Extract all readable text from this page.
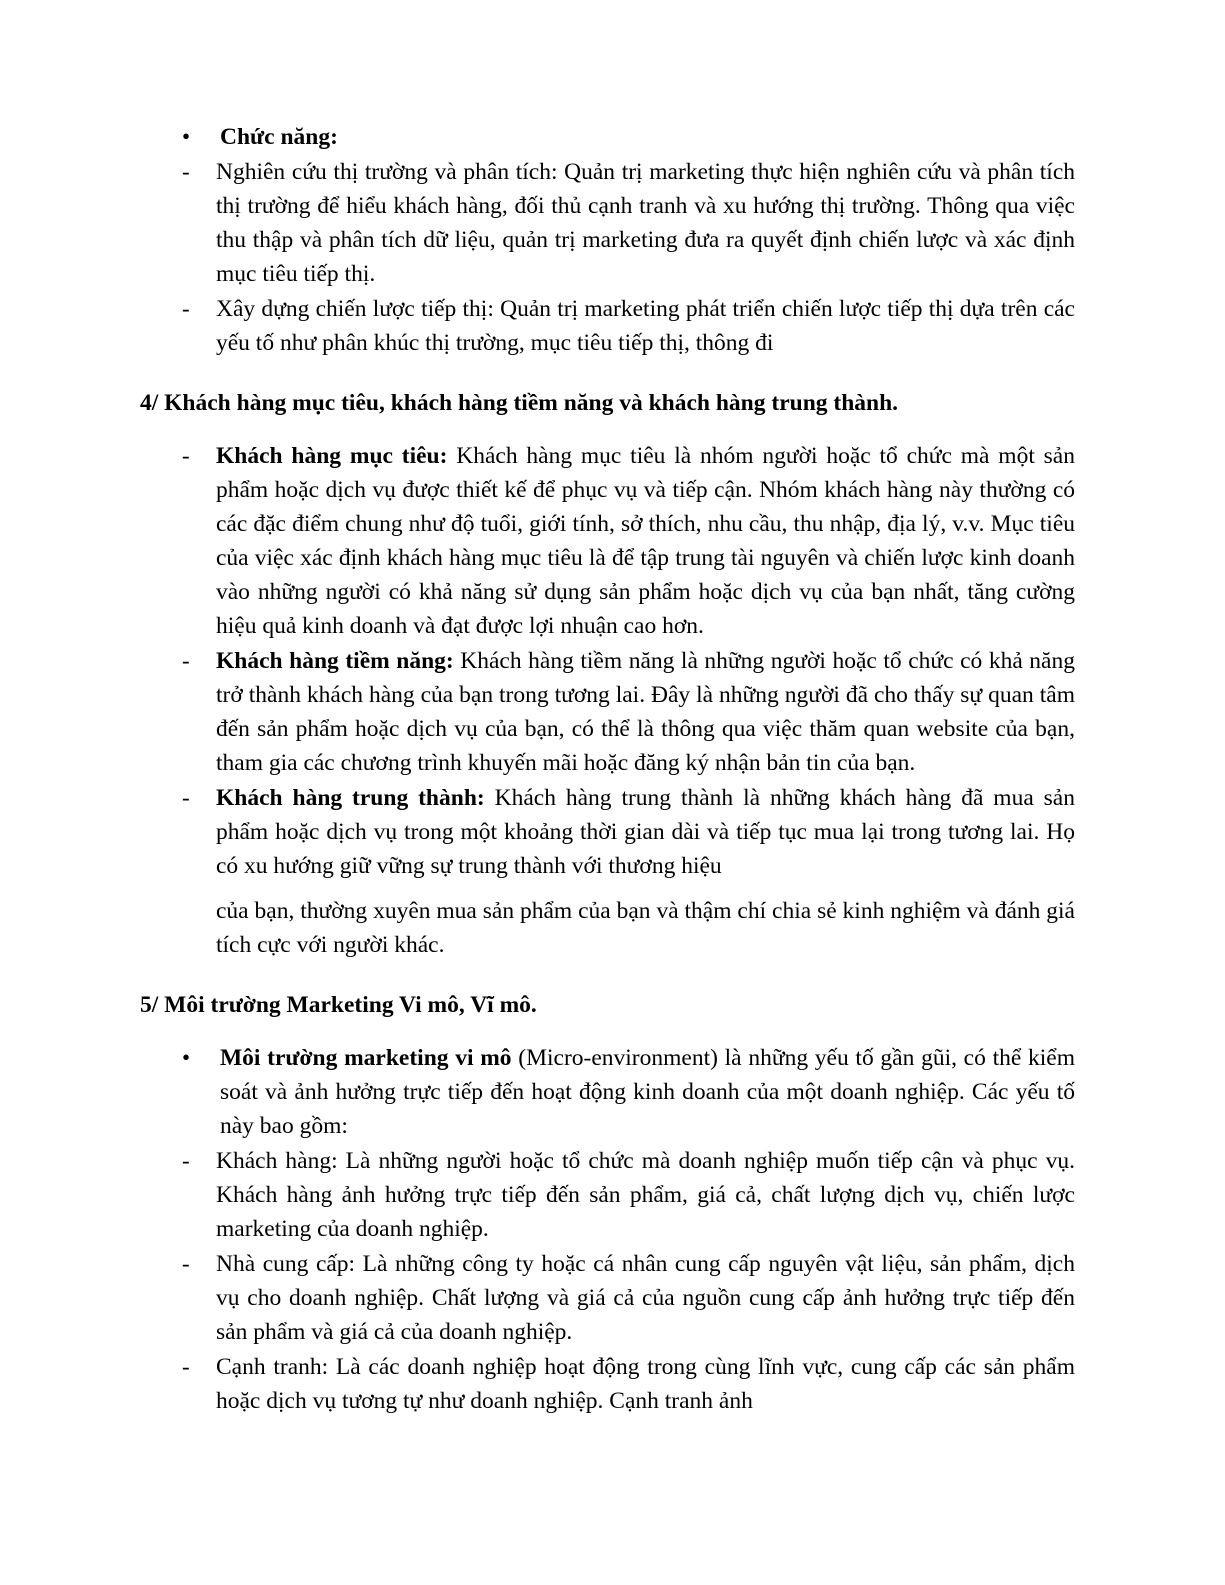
•	Chức năng:
-	Nghiên cứu thị trường và phân tích: Quản trị marketing thực hiện nghiên cứu và phân tích thị trường để hiểu khách hàng, đối thủ cạnh tranh và xu hướng thị trường. Thông qua việc thu thập và phân tích dữ liệu, quản trị marketing đưa ra quyết định chiến lược và xác định mục tiêu tiếp thị.
-	Xây dựng chiến lược tiếp thị: Quản trị marketing phát triển chiến lược tiếp thị dựa trên các yếu tố như phân khúc thị trường, mục tiêu tiếp thị, thông đi
4/ Khách hàng mục tiêu, khách hàng tiềm năng và khách hàng trung thành.
-	Khách hàng mục tiêu: Khách hàng mục tiêu là nhóm người hoặc tổ chức mà một sản phẩm hoặc dịch vụ được thiết kế để phục vụ và tiếp cận. Nhóm khách hàng này thường có các đặc điểm chung như độ tuổi, giới tính, sở thích, nhu cầu, thu nhập, địa lý, v.v. Mục tiêu của việc xác định khách hàng mục tiêu là để tập trung tài nguyên và chiến lược kinh doanh vào những người có khả năng sử dụng sản phẩm hoặc dịch vụ của bạn nhất, tăng cường hiệu quả kinh doanh và đạt được lợi nhuận cao hơn.
-	Khách hàng tiềm năng: Khách hàng tiềm năng là những người hoặc tổ chức có khả năng trở thành khách hàng của bạn trong tương lai. Đây là những người đã cho thấy sự quan tâm đến sản phẩm hoặc dịch vụ của bạn, có thể là thông qua việc thăm quan website của bạn, tham gia các chương trình khuyến mãi hoặc đăng ký nhận bản tin của bạn.
-	Khách hàng trung thành: Khách hàng trung thành là những khách hàng đã mua sản phẩm hoặc dịch vụ trong một khoảng thời gian dài và tiếp tục mua lại trong tương lai. Họ có xu hướng giữ vững sự trung thành với thương hiệu
của bạn, thường xuyên mua sản phẩm của bạn và thậm chí chia sẻ kinh nghiệm và đánh giá tích cực với người khác.
5/ Môi trường Marketing Vi mô, Vĩ mô.
•	Môi trường marketing vi mô (Micro-environment) là những yếu tố gần gũi, có thể kiểm soát và ảnh hưởng trực tiếp đến hoạt động kinh doanh của một doanh nghiệp. Các yếu tố này bao gồm:
-	Khách hàng: Là những người hoặc tổ chức mà doanh nghiệp muốn tiếp cận và phục vụ. Khách hàng ảnh hưởng trực tiếp đến sản phẩm, giá cả, chất lượng dịch vụ, chiến lược marketing của doanh nghiệp.
-	Nhà cung cấp: Là những công ty hoặc cá nhân cung cấp nguyên vật liệu, sản phẩm, dịch vụ cho doanh nghiệp. Chất lượng và giá cả của nguồn cung cấp ảnh hưởng trực tiếp đến sản phẩm và giá cả của doanh nghiệp.
-	Cạnh tranh: Là các doanh nghiệp hoạt động trong cùng lĩnh vực, cung cấp các sản phẩm hoặc dịch vụ tương tự như doanh nghiệp. Cạnh tranh ảnh
